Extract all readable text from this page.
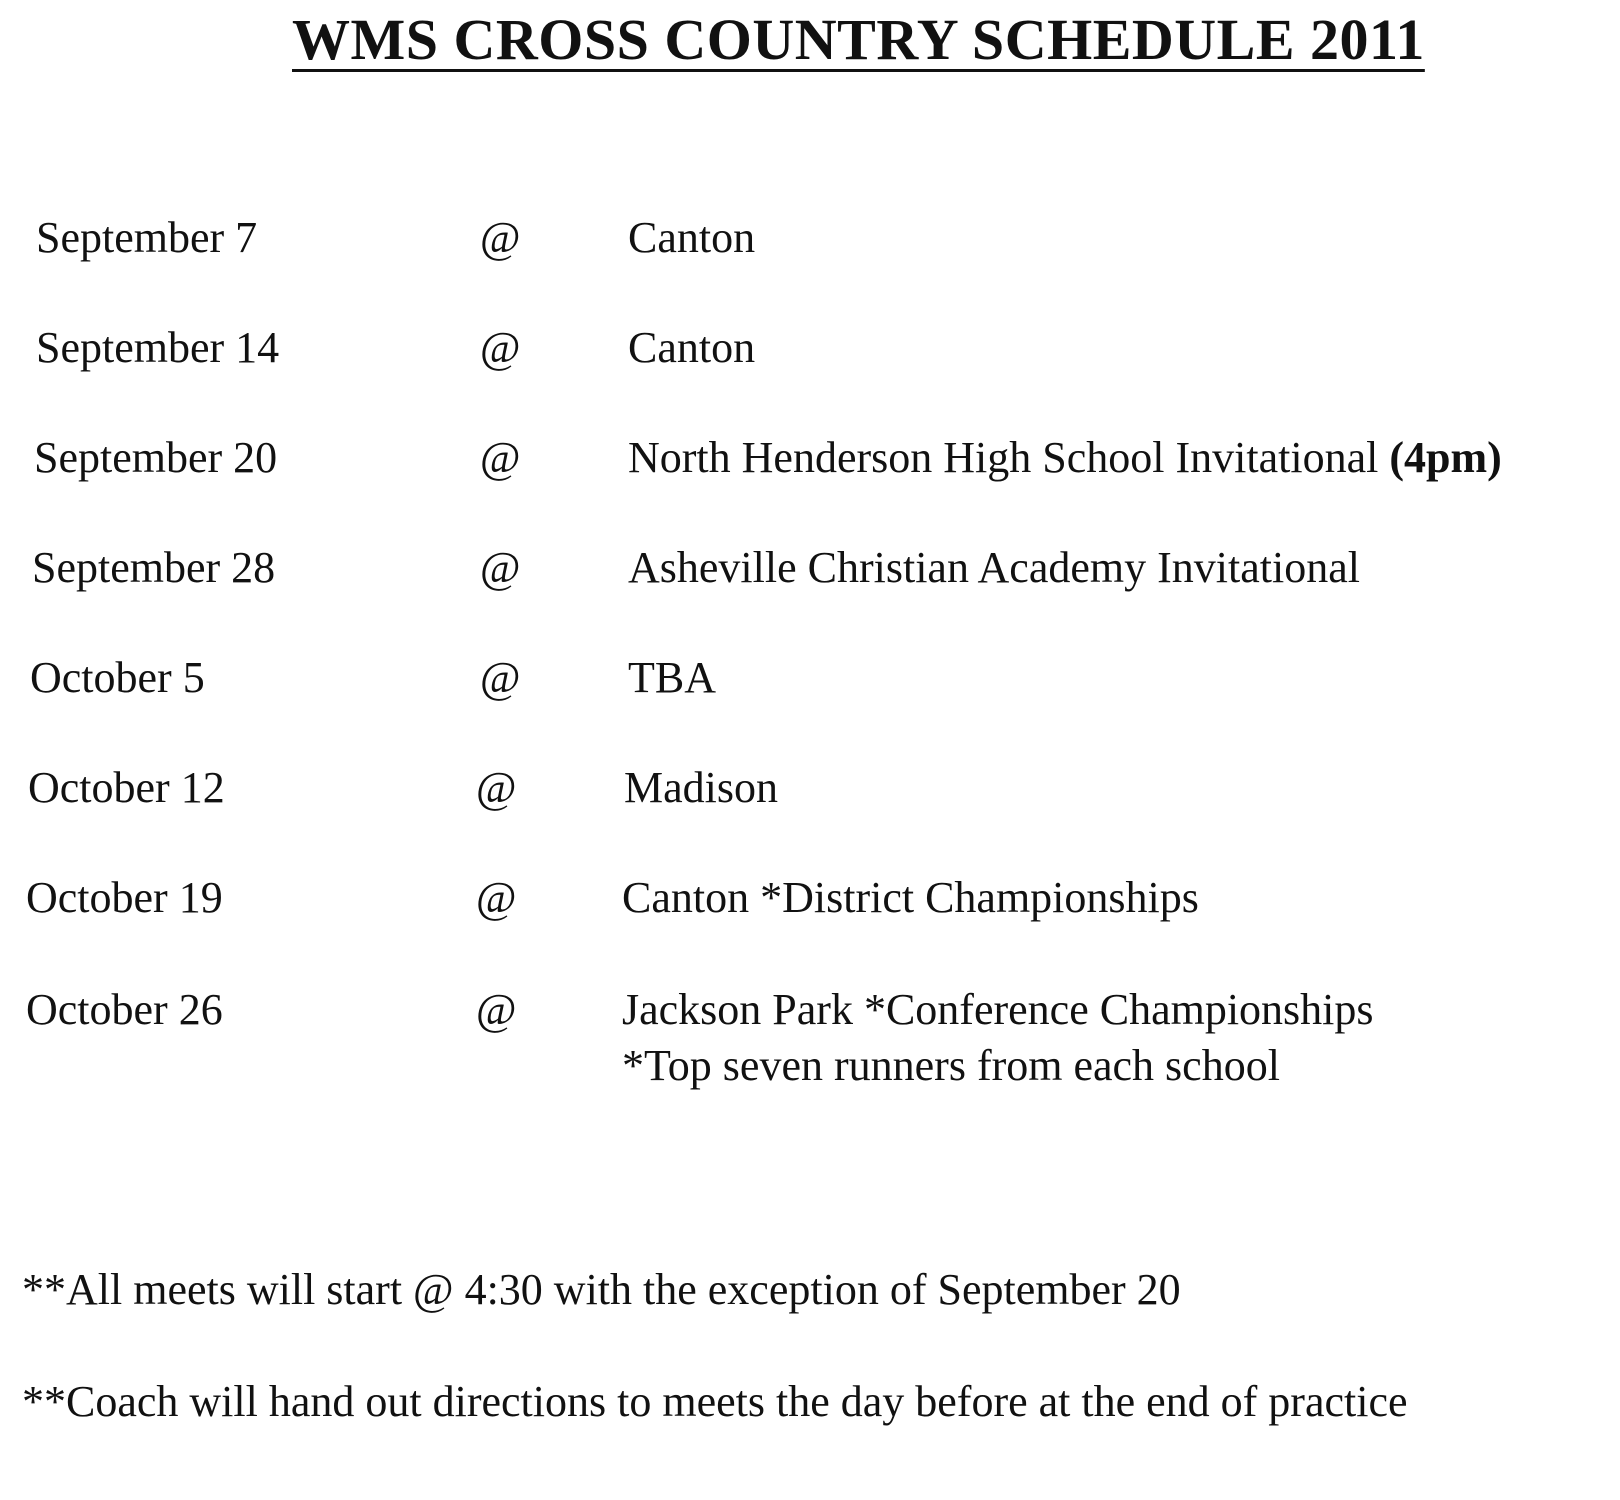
WMS CROSS COUNTRY SCHEDULE 2011
September 7	@ Canton
September 14	@ Canton
September 20	@ North Henderson High School Invitational (4pm)
September 28	@ Asheville Christian Academy Invitational
October 5	@ TBA
October 12	@ Madison
October 19	@ Canton *District Championships
October 26	@ Jackson Park *Conference Championships
*Top seven runners from each school
**All meets will start @ 4:30 with the exception of September 20
**Coach will hand out directions to meets the day before at the end of practice
